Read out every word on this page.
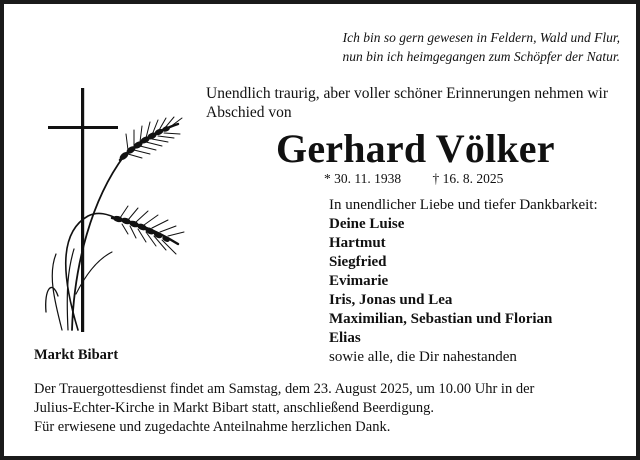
Ich bin so gern gewesen in Feldern, Wald und Flur,
nun bin ich heimgegangen zum Schöpfer der Natur.
Unendlich traurig, aber voller schöner Erinnerungen nehmen wir
Abschied von
Gerhard Völker
* 30. 11. 1938 † 16. 8. 2025
In unendlicher Liebe und tiefer Dankbarkeit:
Deine Luise
Hartmut
Siegfried
Evimarie
Iris, Jonas und Lea
Maximilian, Sebastian und Florian
Elias
sowie alle, die Dir nahestanden
Markt Bibart
Der Trauergottesdienst findet am Samstag, dem 23. August 2025, um 10.00 Uhr in der
Julius-Echter-Kirche in Markt Bibart statt, anschließend Beerdigung.
Für erwiesene und zugedachte Anteilnahme herzlichen Dank.
